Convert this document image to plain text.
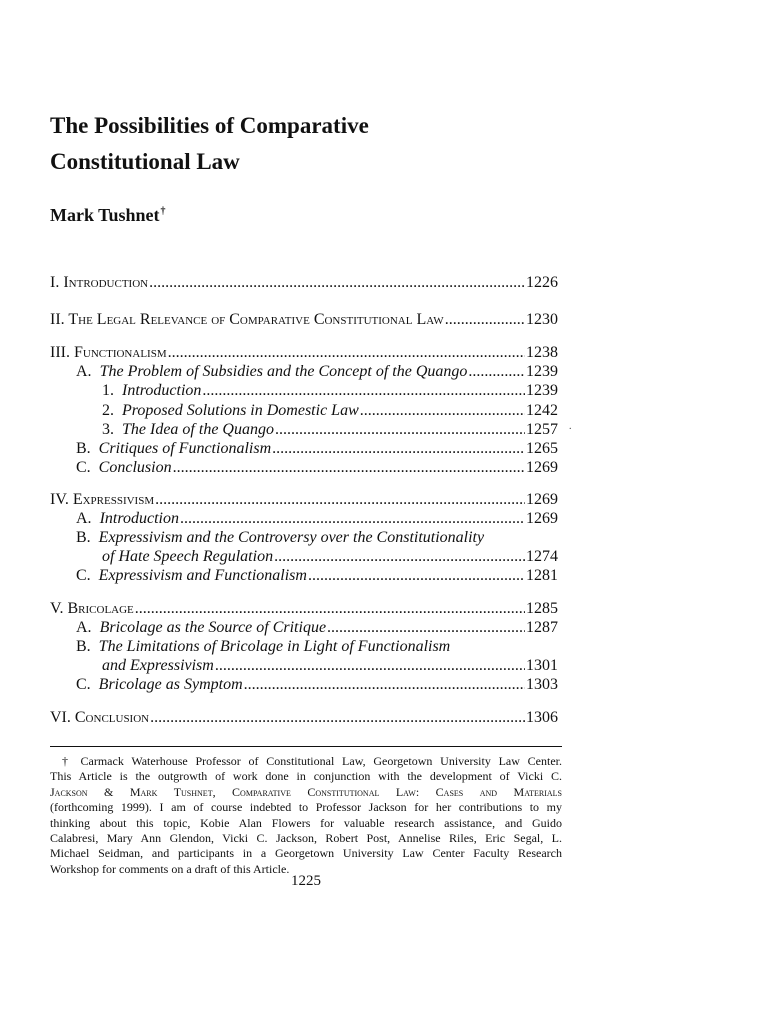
The Possibilities of Comparative
Constitutional Law
Mark Tushnet†
I. Introduction .....	1226
II. The Legal Relevance of Comparative Constitutional Law .....	1230
III. Functionalism .....	1238
A. The Problem of Subsidies and the Concept of the Quango .....	1239
1. Introduction .....	1239
2. Proposed Solutions in Domestic Law .....	1242
3. The Idea of the Quango .....	1257
B. Critiques of Functionalism .....	1265
C. Conclusion .....	1269
IV. Expressivism .....	1269
A. Introduction .....	1269
B. Expressivism and the Controversy over the Constitutionality
of Hate Speech Regulation .....	1274
C. Expressivism and Functionalism .....	1281
V. Bricolage .....	1285
A. Bricolage as the Source of Critique .....	1287
B. The Limitations of Bricolage in Light of Functionalism
and Expressivism .....	1301
C. Bricolage as Symptom .....	1303
VI. Conclusion .....	1306
.
† Carmack Waterhouse Professor of Constitutional Law, Georgetown University Law Center.
This Article is the outgrowth of work done in conjunction with the development of Vicki C.
Jackson & Mark Tushnet, Comparative Constitutional Law: Cases and Materials
(forthcoming 1999). I am of course indebted to Professor Jackson for her contributions to my
thinking about this topic, Kobie Alan Flowers for valuable research assistance, and Guido
Calabresi, Mary Ann Glendon, Vicki C. Jackson, Robert Post, Annelise Riles, Eric Segal, L.
Michael Seidman, and participants in a Georgetown University Law Center Faculty Research
Workshop for comments on a draft of this Article.
1225
